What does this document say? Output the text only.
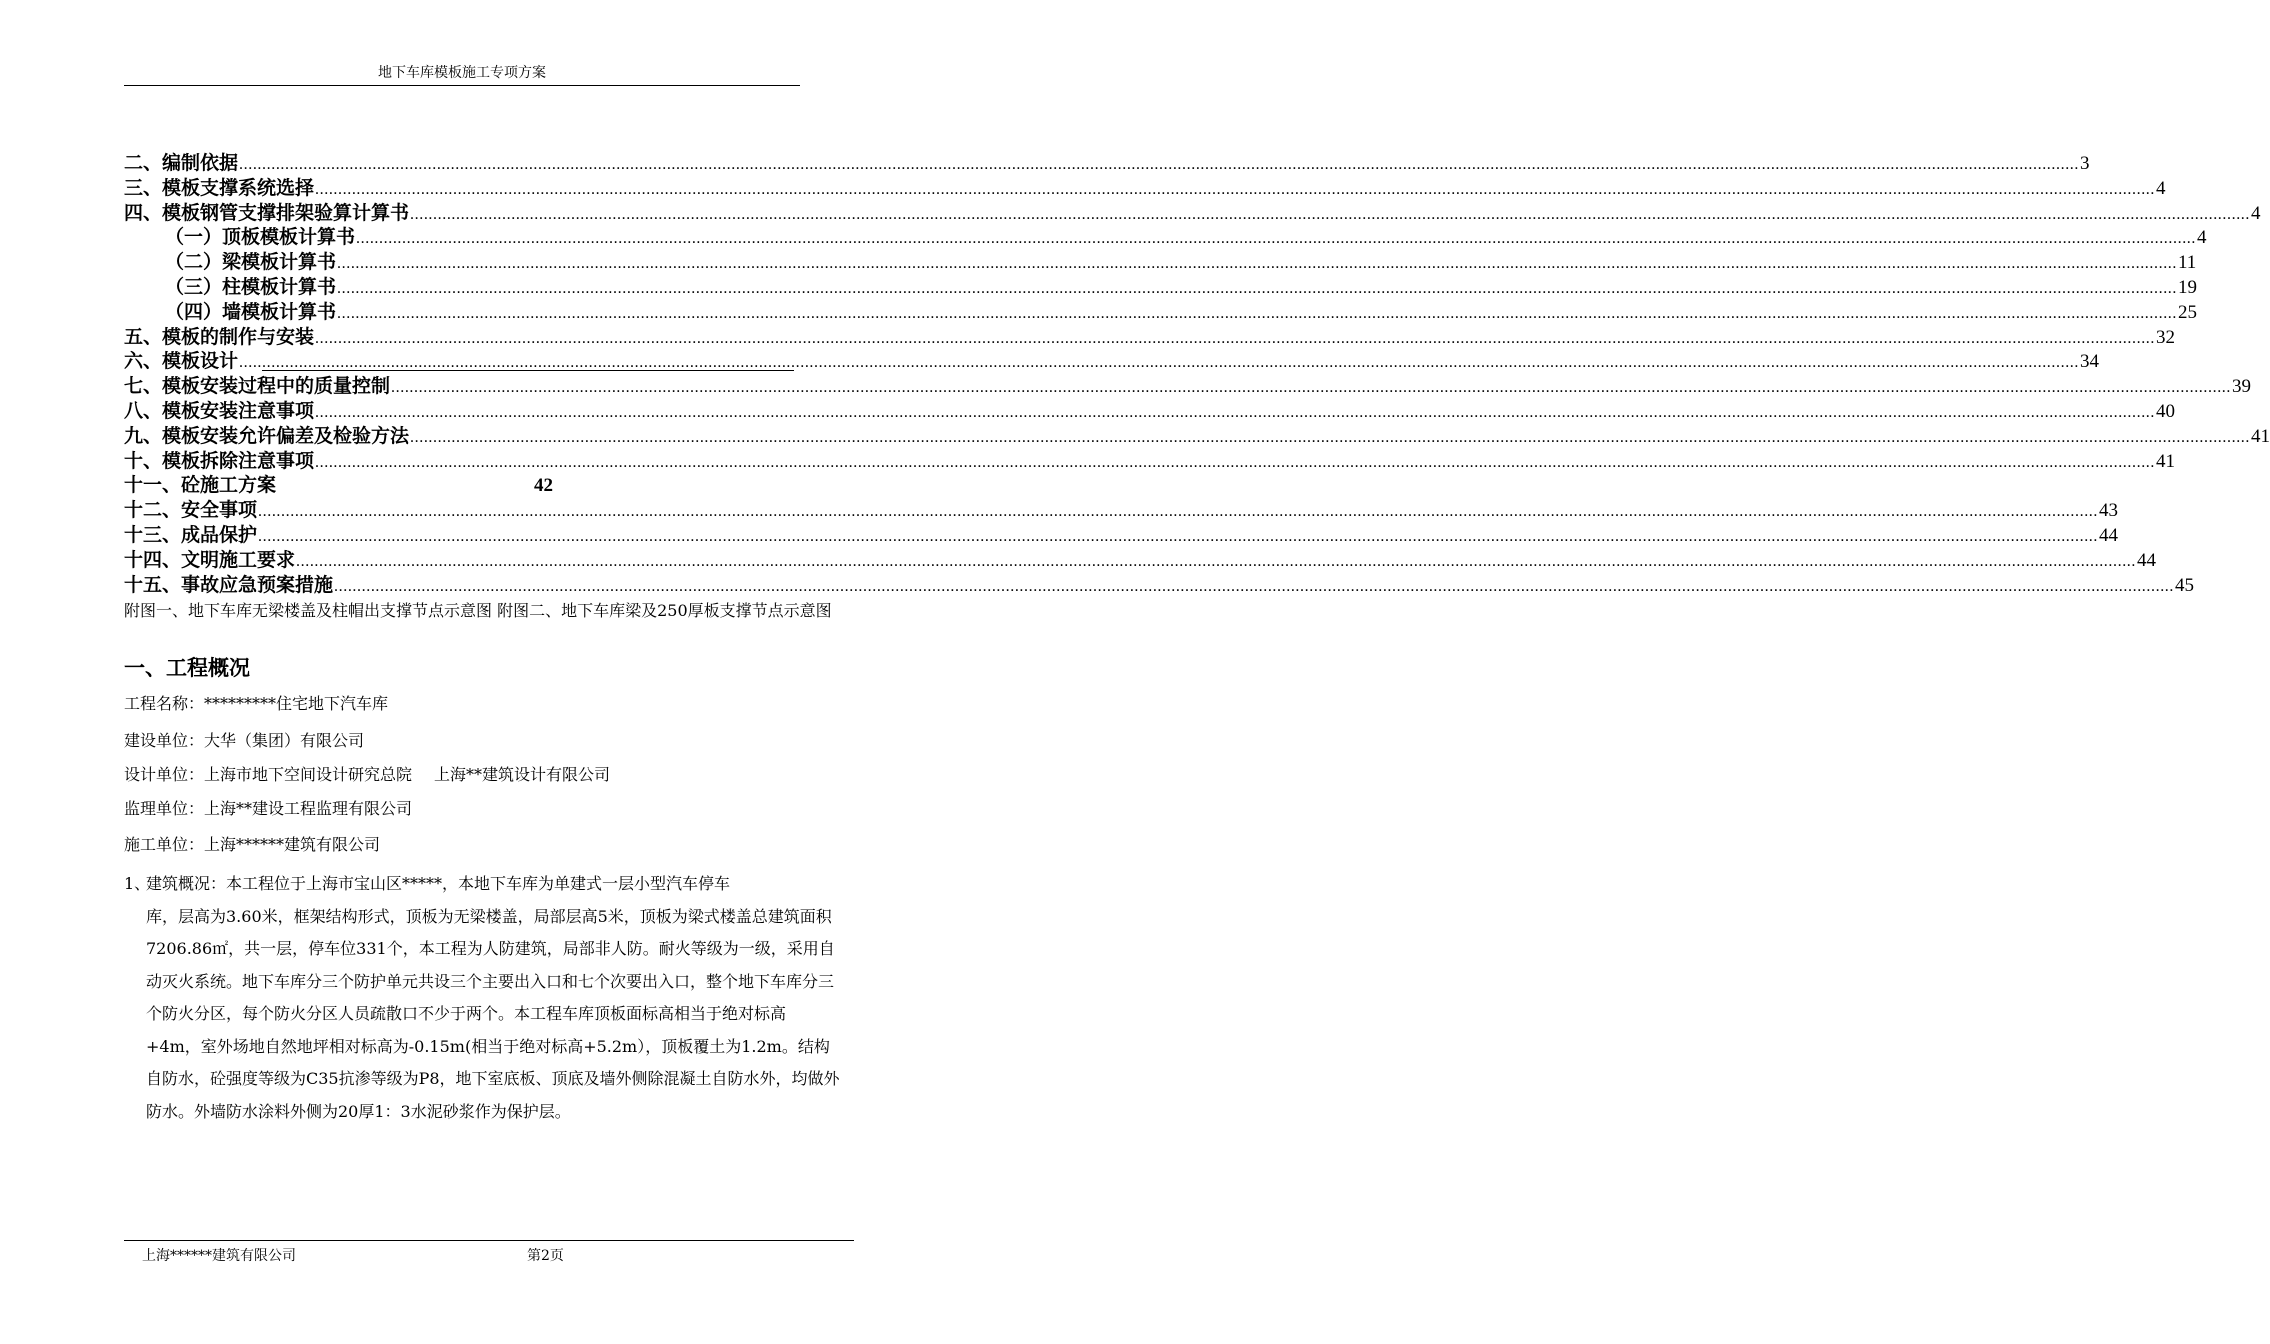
地下车库模板施工专项方案
二、编制依据 ................................................................................................................................................................................................................................................................................................................................................................................................................ 3
三、模板支撑系统选择 ................................................................................................................................................................................................................................................................................................................................................................................................................ 4
四、模板钢管支撑排架验算计算书 ................................................................................................................................................................................................................................................................................................................................................................................................................ 4
（一）顶板模板计算书 ................................................................................................................................................................................................................................................................................................................................................................................................................ 4
（二）梁模板计算书 ................................................................................................................................................................................................................................................................................................................................................................................................................ 11
（三）柱模板计算书 ................................................................................................................................................................................................................................................................................................................................................................................................................ 19
（四）墙模板计算书 ................................................................................................................................................................................................................................................................................................................................................................................................................ 25
五、模板的制作与安装 ................................................................................................................................................................................................................................................................................................................................................................................................................ 32
六、模板设计 ................................................................................................................................................................................................................................................................................................................................................................................................................ 34
七、模板安装过程中的质量控制 ................................................................................................................................................................................................................................................................................................................................................................................................................ 39
八、模板安装注意事项 ................................................................................................................................................................................................................................................................................................................................................................................................................ 40
九、模板安装允许偏差及检验方法 ................................................................................................................................................................................................................................................................................................................................................................................................................ 41
十、模板拆除注意事项 ................................................................................................................................................................................................................................................................................................................................................................................................................ 41
十一、砼施工方案	42
十二、安全事项 ................................................................................................................................................................................................................................................................................................................................................................................................................ 43
十三、成品保护 ................................................................................................................................................................................................................................................................................................................................................................................................................ 44
十四、文明施工要求 ................................................................................................................................................................................................................................................................................................................................................................................................................ 44
十五、事故应急预案措施 ................................................................................................................................................................................................................................................................................................................................................................................................................ 45
附图一、地下车库无梁楼盖及柱帽出支撑节点示意图 附图二、地下车库梁及250厚板支撑节点示意图
一、工程概况
工程名称：*********住宅地下汽车库
建设单位：大华（集团）有限公司
设计单位：上海市地下空间设计研究总院 上海**建筑设计有限公司
监理单位：上海**建设工程监理有限公司
施工单位：上海******建筑有限公司
1、建筑概况：本工程位于上海市宝山区*****，本地下车库为单建式一层小型汽车停车
库，层高为3.60米，框架结构形式，顶板为无梁楼盖，局部层高5米，顶板为梁式楼盖总建筑面积7206.86㎡，共一层，停车位331个，本工程为人防建筑，局部非人防。耐火等级为一级，采用自动灭火系统。地下车库分三个防护单元共设三个主要出入口和七个次要出入口，整个地下车库分三个防火分区，每个防火分区人员疏散口不少于两个。本工程车库顶板面标高相当于绝对标高+4m，室外场地自然地坪相对标高为-0.15m(相当于绝对标高+5.2m），顶板覆土为1.2m。结构自防水，砼强度等级为C35抗渗等级为P8，地下室底板、顶底及墙外侧除混凝土自防水外，均做外防水。外墙防水涂料外侧为20厚1：3水泥砂浆作为保护层。
上海******建筑有限公司	第2页
